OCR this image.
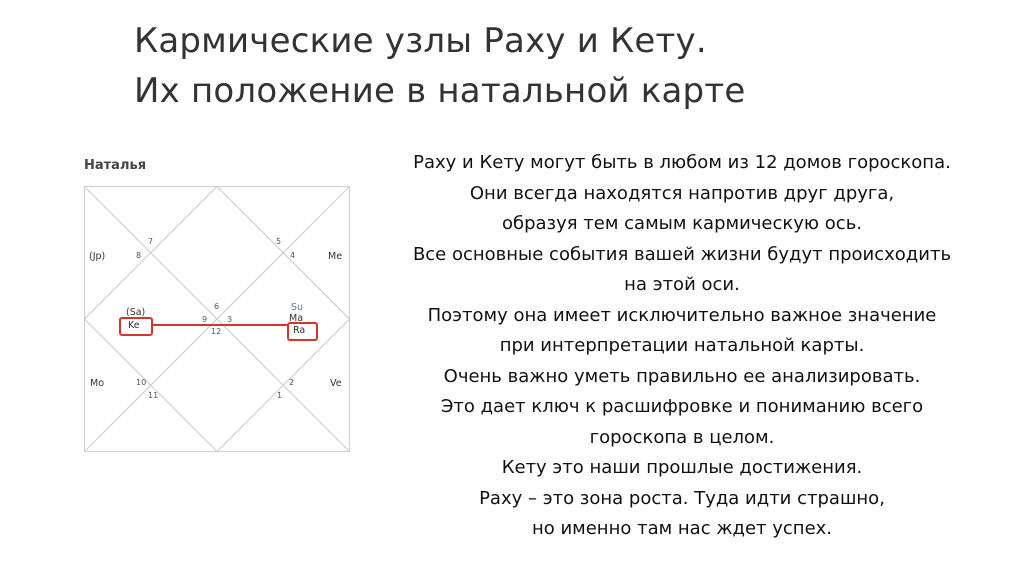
Кармические узлы Раху и Кету.
Их положение в натальной карте
Наталья
7
8
5
4
6
9 3
12
10
11
2
1
(Jp)	Me
(Sa)
Ke
Su
Ma
Ra
Mo	Ve
Раху и Кету могут быть в любом из 12 домов гороскопа.
Они всегда находятся напротив друг друга,
образуя тем самым кармическую ось.
Все основные события вашей жизни будут происходить
на этой оси.
Поэтому она имеет исключительно важное значение
при интерпретации натальной карты.
Очень важно уметь правильно ее анализировать.
Это дает ключ к расшифровке и пониманию всего
гороскопа в целом.
Кету это наши прошлые достижения.
Раху – это зона роста. Туда идти страшно,
но именно там нас ждет успех.
